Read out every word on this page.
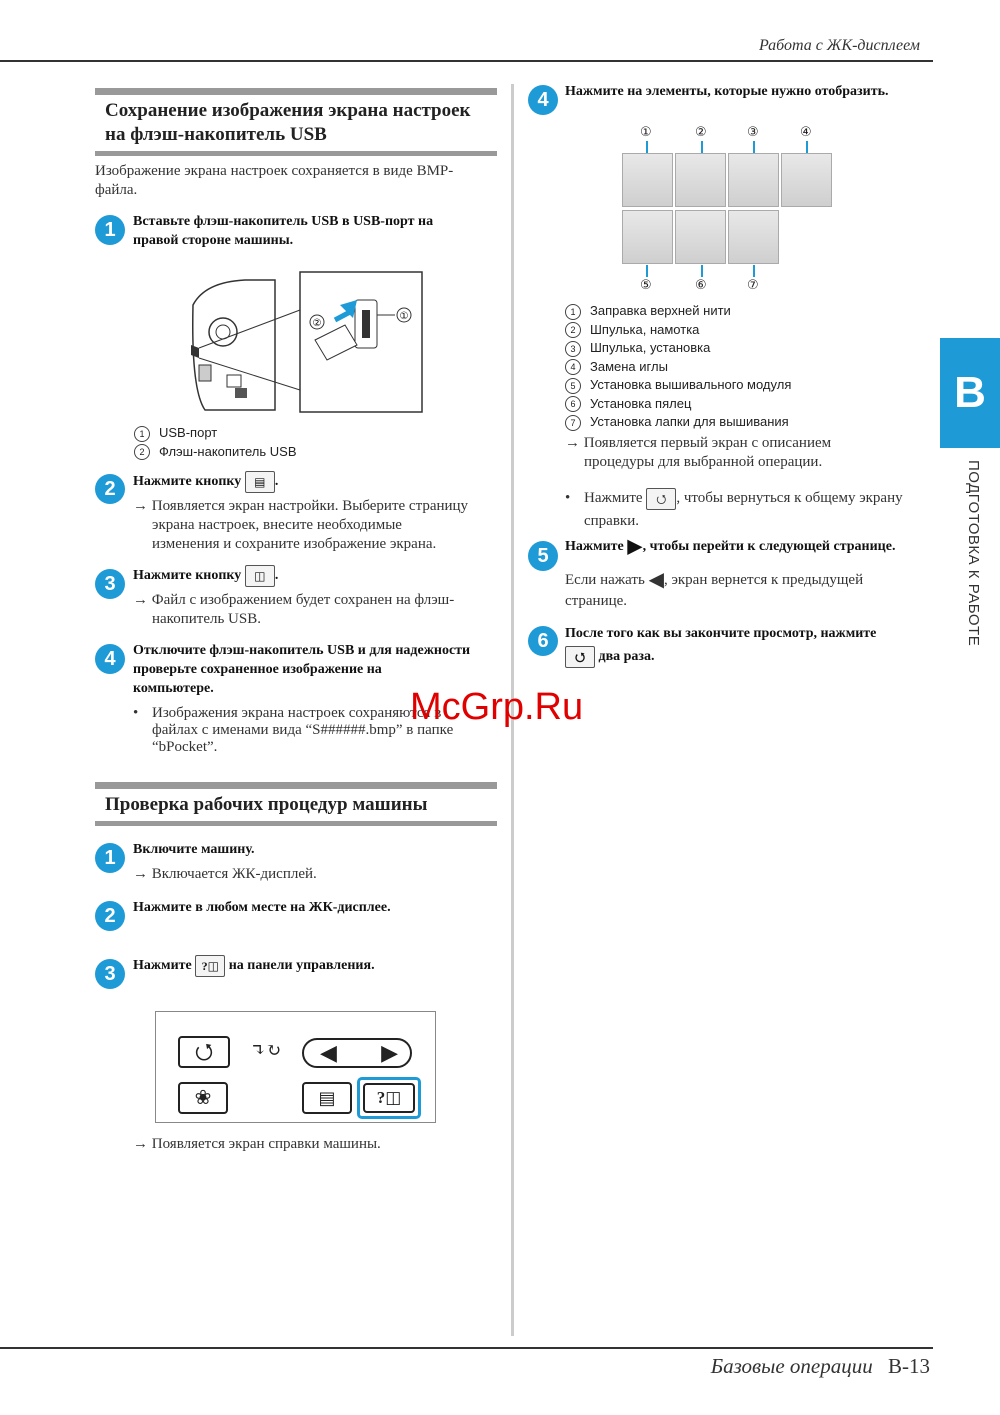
Работа с ЖК-дисплеем
Базовые операции B-13
B
ПОДГОТОВКА К РАБОТЕ
Сохранение изображения экрана настроек
на флэш-накопитель USB
Изображение экрана настроек сохраняется в виде BMP-
файла.
1	Вставьте флэш-накопитель USB в USB-порт на
правой стороне машины.
①
②
1 USB-порт
2 Флэш-накопитель USB
2	Нажмите кнопку ▤ .
→ Появляется экран настройки. Выберите страницу
экрана настроек, внесите необходимые
изменения и сохраните изображение экрана.
3	Нажмите кнопку ◫ .
→ Файл с изображением будет сохранен на флэш-
накопитель USB.
4	Отключите флэш-накопитель USB и для надежности
проверьте сохраненное изображение на
компьютере.
• Изображения экрана настроек сохраняются в
файлах с именами вида “S######.bmp” в папке
“bPocket”.
McGrp.Ru
Проверка рабочих процедур машины
1	Включите машину.
→ Включается ЖК-дисплей.
2	Нажмите в любом месте на ЖК-дисплее.
3	Нажмите ?◫ на панели управления.
⭯	↴↻	◀ ▶
❀	▤	?◫
→ Появляется экран справки машины.
4	Нажмите на элементы, которые нужно отобразить.
①	②	③	④
⑤	⑥	⑦
1 Заправка верхней нити
2 Шпулька, намотка
3 Шпулька, установка
4 Замена иглы
5 Установка вышивального модуля
6 Установка пялец
7 Установка лапки для вышивания
→ Появляется первый экран с описанием
процедуры для выбранной операции.
• Нажмите ⭯ , чтобы вернуться к общему экрану
справки.
5	Нажмите ▶, чтобы перейти к следующей странице.
Если нажать ◀, экран вернется к предыдущей
странице.
6	После того как вы закончите просмотр, нажмите
⭯ два раза.
